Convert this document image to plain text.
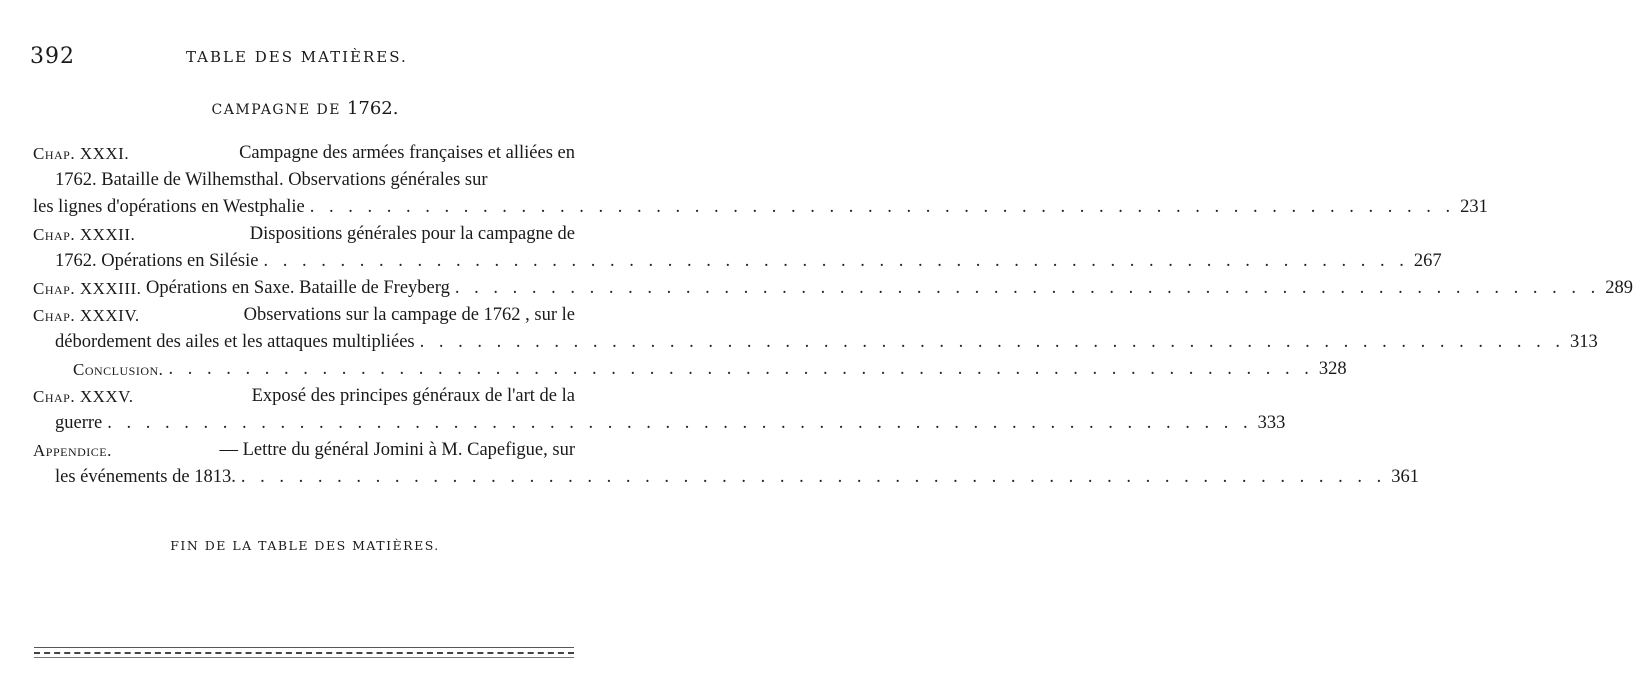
392	TABLE DES MATIÈRES.
CAMPAGNE DE 1762.
Chap. XXXI.	Campagne des armées françaises et alliées en
1762. Bataille de Wilhemsthal. Observations générales sur
les lignes d'opérations en Westphalie . . . . . . . . . . . . . . . . . . . . . . . . . . . . . . . . . . . . . . . . . . . . . . . . . . . . . . . . . . . . 231
Chap. XXXII.	Dispositions générales pour la campagne de
1762. Opérations en Silésie . . . . . . . . . . . . . . . . . . . . . . . . . . . . . . . . . . . . . . . . . . . . . . . . . . . . . . . . . . . . 267
Chap. XXXIII.
Opérations en Saxe. Bataille de Freyberg . . . . . . . . . . . . . . . . . . . . . . . . . . . . . . . . . . . . . . . . . . . . . . . . . . . . . . . . . . . . 289
Chap. XXXIV.	Observations sur la campage de 1762 , sur le
débordement des ailes et les attaques multipliées . . . . . . . . . . . . . . . . . . . . . . . . . . . . . . . . . . . . . . . . . . . . . . . . . . . . . . . . . . . . 313
Conclusion. . . . . . . . . . . . . . . . . . . . . . . . . . . . . . . . . . . . . . . . . . . . . . . . . . . . . . . . . . . . . 328
Chap. XXXV.	Exposé des principes généraux de l'art de la
guerre . . . . . . . . . . . . . . . . . . . . . . . . . . . . . . . . . . . . . . . . . . . . . . . . . . . . . . . . . . . . 333
Appendice.	— Lettre du général Jomini à M. Capefigue, sur
les événements de 1813. . . . . . . . . . . . . . . . . . . . . . . . . . . . . . . . . . . . . . . . . . . . . . . . . . . . . . . . . . . . . 361
FIN DE LA TABLE DES MATIÈRES.
